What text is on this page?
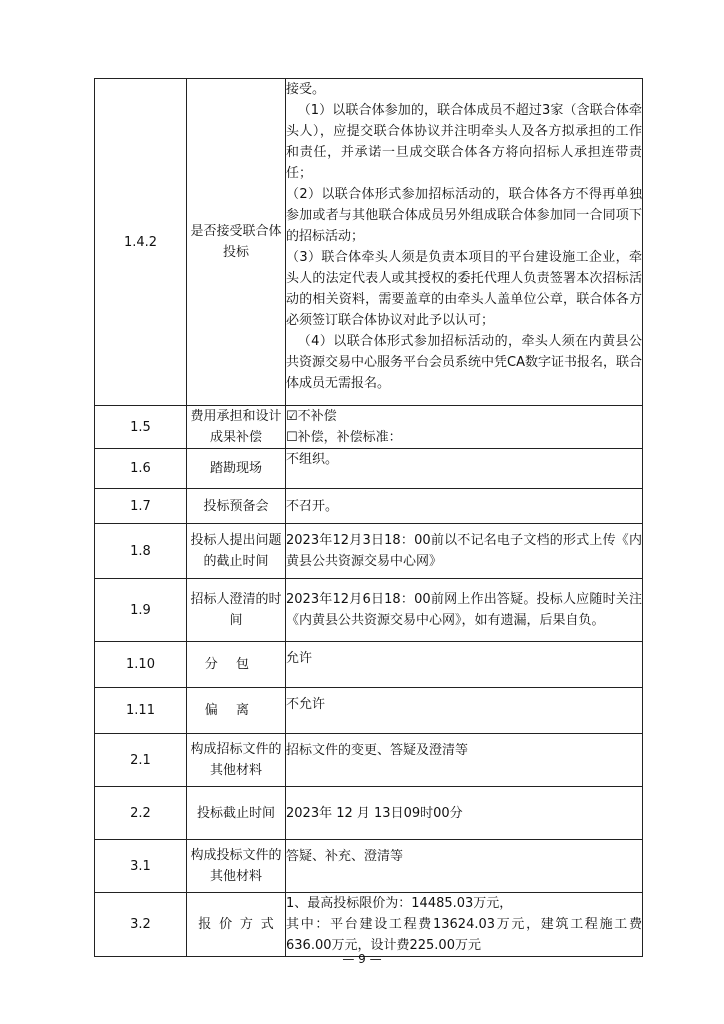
1.4.2	是否接受联合体投标	接受。
（1）以联合体参加的，联合体成员不超过3家（含联合体牵头人），应提交联合体协议并注明牵头人及各方拟承担的工作和责任，并承诺一旦成交联合体各方将向招标人承担连带责任；
（2）以联合体形式参加招标活动的，联合体各方不得再单独参加或者与其他联合体成员另外组成联合体参加同一合同项下的招标活动；
（3）联合体牵头人须是负责本项目的平台建设施工企业，牵头人的法定代表人或其授权的委托代理人负责签署本次招标活动的相关资料，需要盖章的由牵头人盖单位公章，联合体各方必须签订联合体协议对此予以认可；
（4）以联合体形式参加招标活动的，牵头人须在内黄县公共资源交易中心服务平台会员系统中凭CA数字证书报名，联合体成员无需报名。

1.5	费用承担和设计成果补偿	☑不补偿
☐补偿，补偿标准：

1.6	踏勘现场	不组织。
1.7	投标预备会	不召开。
1.8	投标人提出问题的截止时间	2023年12月3日18：00前以不记名电子文档的形式上传《内黄县公共资源交易中心网》
1.9	招标人澄清的时间	2023年12月6日18：00前网上作出答疑。投标人应随时关注《内黄县公共资源交易中心网》，如有遗漏，后果自负。
1.10	分包	允许
1.11	偏离	不允许
2.1	构成招标文件的其他材料	招标文件的变更、答疑及澄清等
2.2	投标截止时间	2023年 12 月 13日09时00分
3.1	构成投标文件的其他材料	答疑、补充、澄清等
3.2	报价方式	1、最高投标限价为：14485.03万元，
其中：平台建设工程费13624.03万元，建筑工程施工费636.00万元，设计费225.00万元
— 9 —
